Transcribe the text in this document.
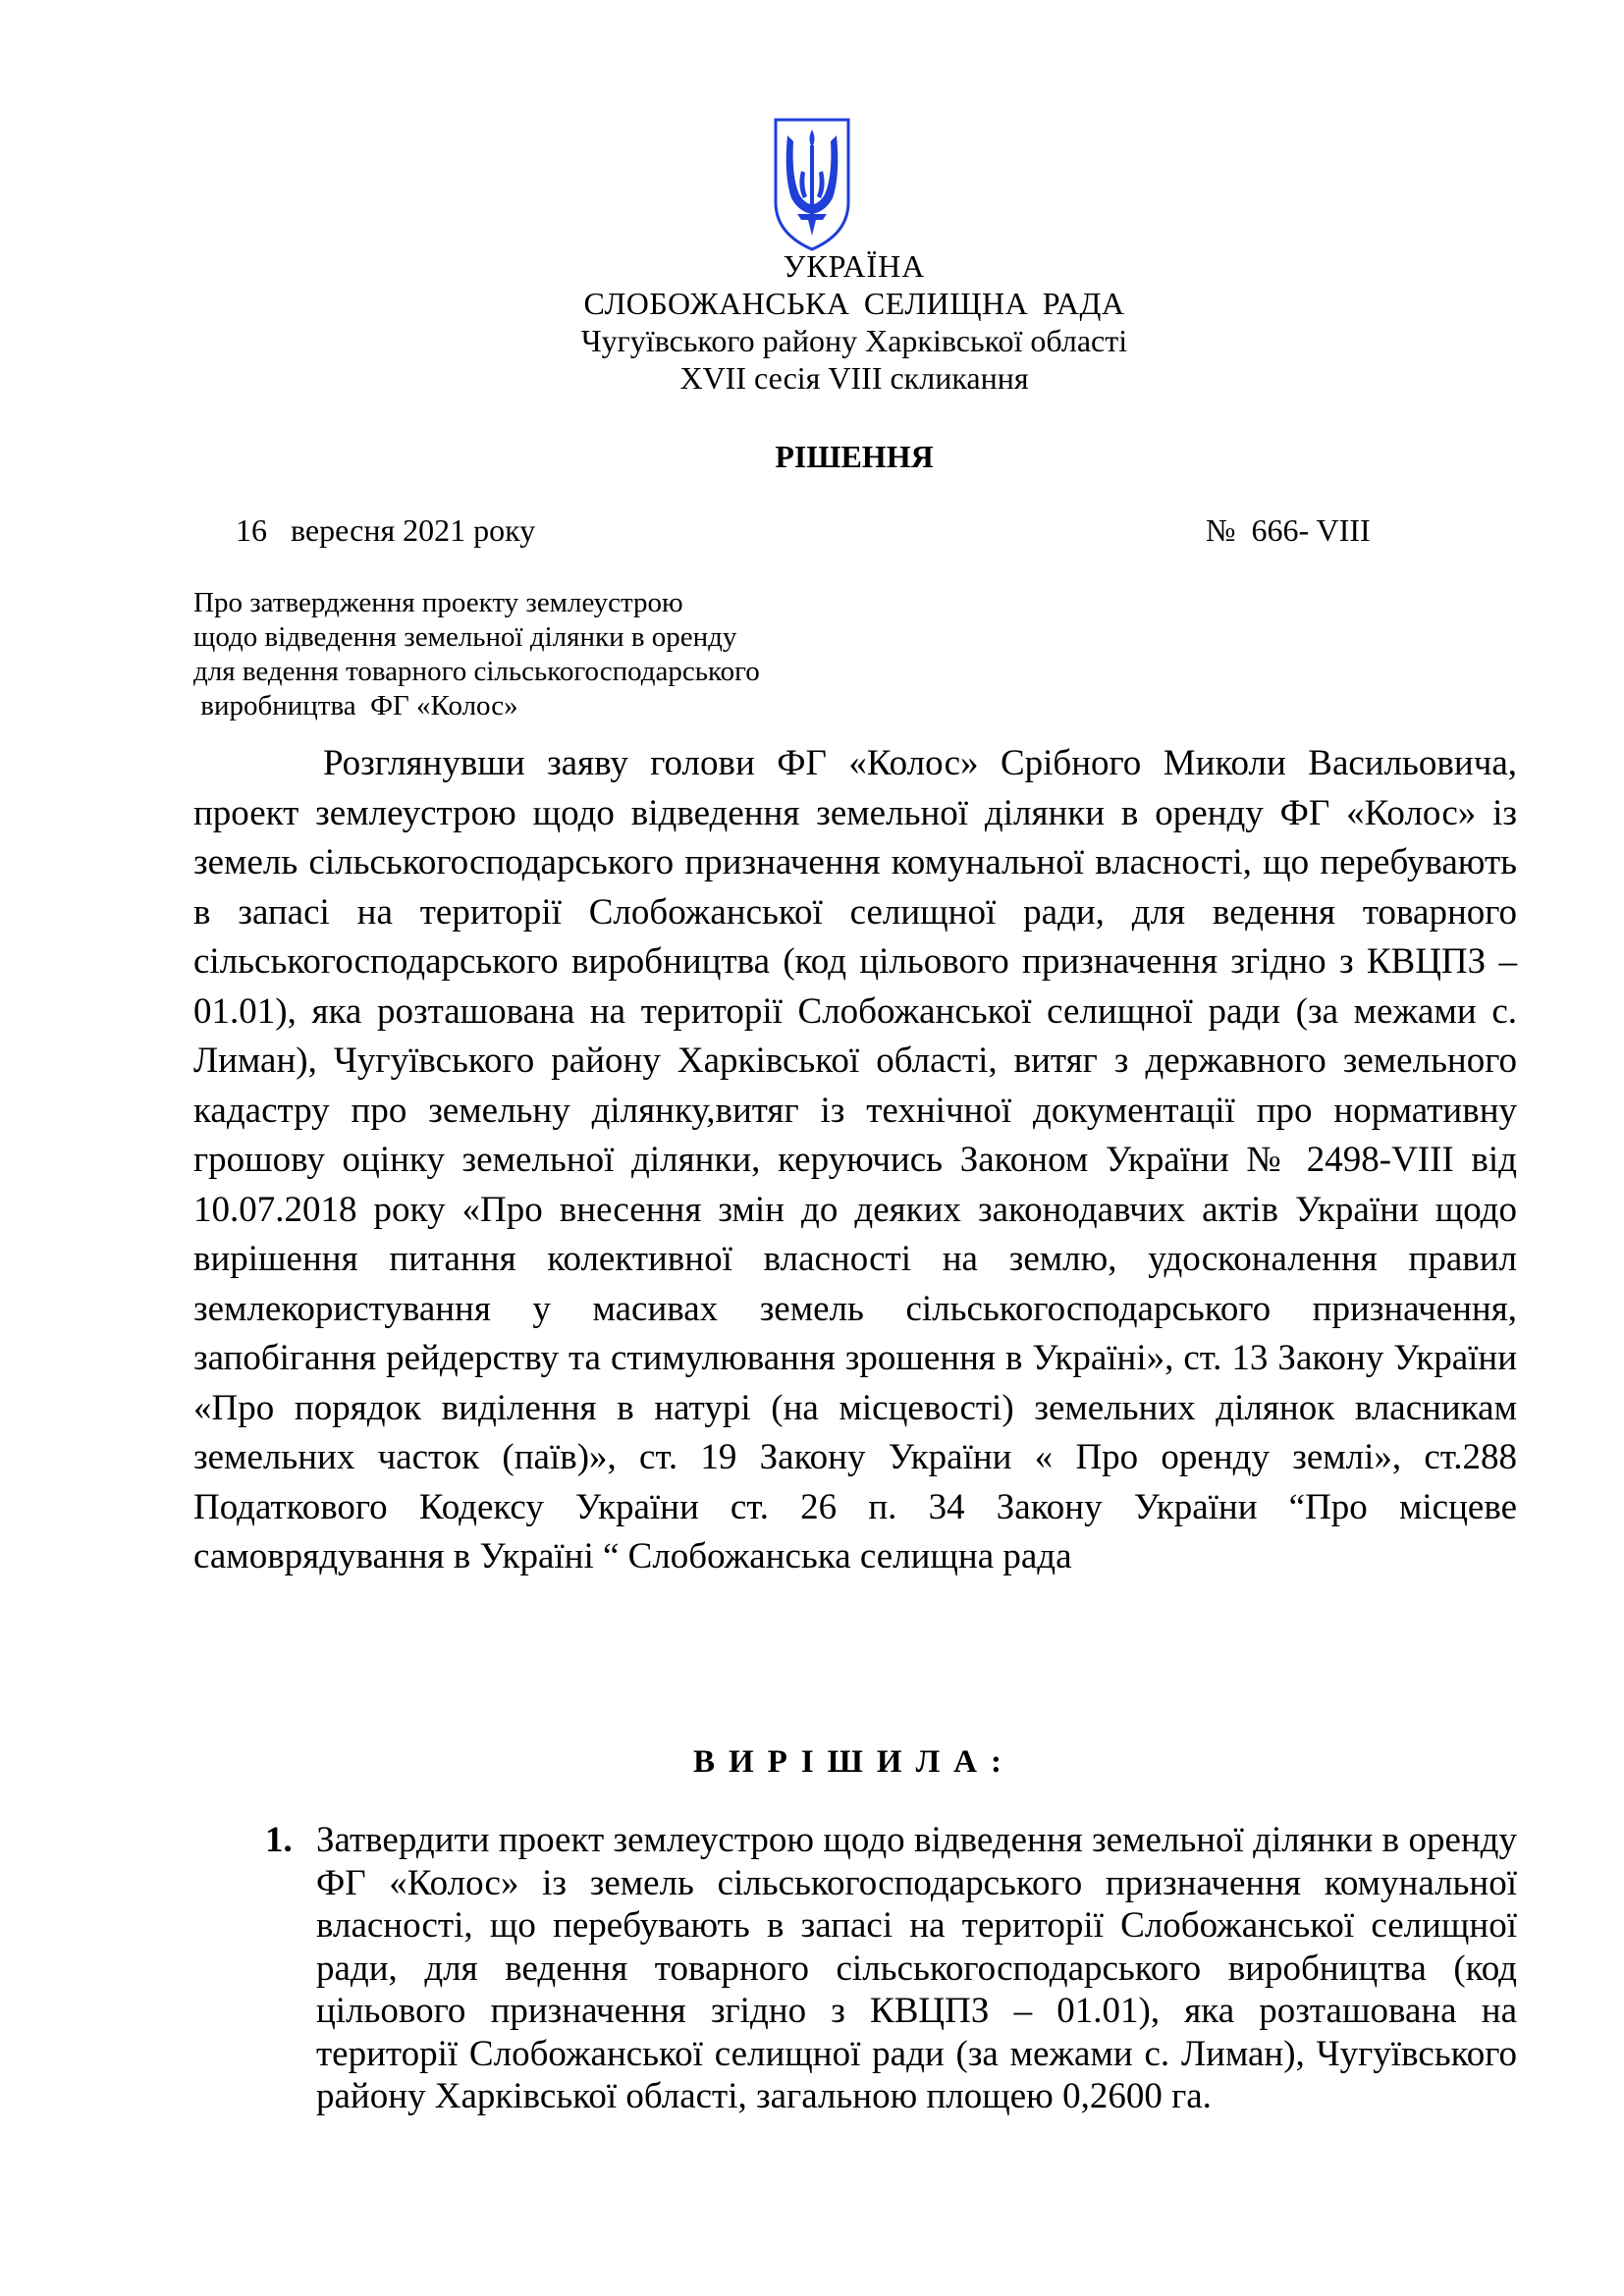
УКРАЇНА
СЛОБОЖАНСЬКА СЕЛИЩНА РАДА
Чугуївського району Харківської області
XVII сесія VIII скликання
РІШЕННЯ
16   вересня 2021 року	№  666- VIII
Про затвердження проекту землеустрою
щодо відведення земельної ділянки в оренду
для ведення товарного сільськогосподарського
виробництва  ФГ «Колос»
Розглянувши заяву голови ФГ «Колос» Срібного Миколи Васильовича, проект землеустрою щодо відведення земельної ділянки в оренду ФГ «Колос» із земель сільськогосподарського призначення комунальної власності, що перебувають в запасі на території Слобожанської селищної ради, для ведення товарного сільськогосподарського виробництва (код цільового призначення згідно з КВЦПЗ – 01.01), яка розташована на території Слобожанської селищної ради (за межами с. Лиман), Чугуївського району Харківської області, витяг з державного земельного кадастру про земельну ділянку,витяг із технічної документації про нормативну грошову оцінку земельної ділянки, керуючись Законом України № 2498-VIII від 10.07.2018 року «Про внесення змін до деяких законодавчих актів України щодо вирішення питання колективної власності на землю, удосконалення правил землекористування у масивах земель сільськогосподарського призначення, запобігання рейдерству та стимулювання зрошення в Україні», ст. 13 Закону України «Про порядок виділення в натурі (на місцевості) земельних ділянок власникам земельних часток (паїв)», ст. 19 Закону України « Про оренду землі», ст.288 Податкового Кодексу України ст. 26 п. 34 Закону України “Про місцеве самоврядування в Україні “ Слобожанська селищна рада
ВИРІШИЛА:
1. Затвердити проект землеустрою щодо відведення земельної ділянки в оренду ФГ «Колос» із земель сільськогосподарського призначення комунальної власності, що перебувають в запасі на території Слобожанської селищної ради, для ведення товарного сільськогосподарського виробництва (код цільового призначення згідно з КВЦПЗ – 01.01), яка розташована на території Слобожанської селищної ради (за межами с. Лиман), Чугуївського району Харківської області, загальною площею 0,2600 га.
